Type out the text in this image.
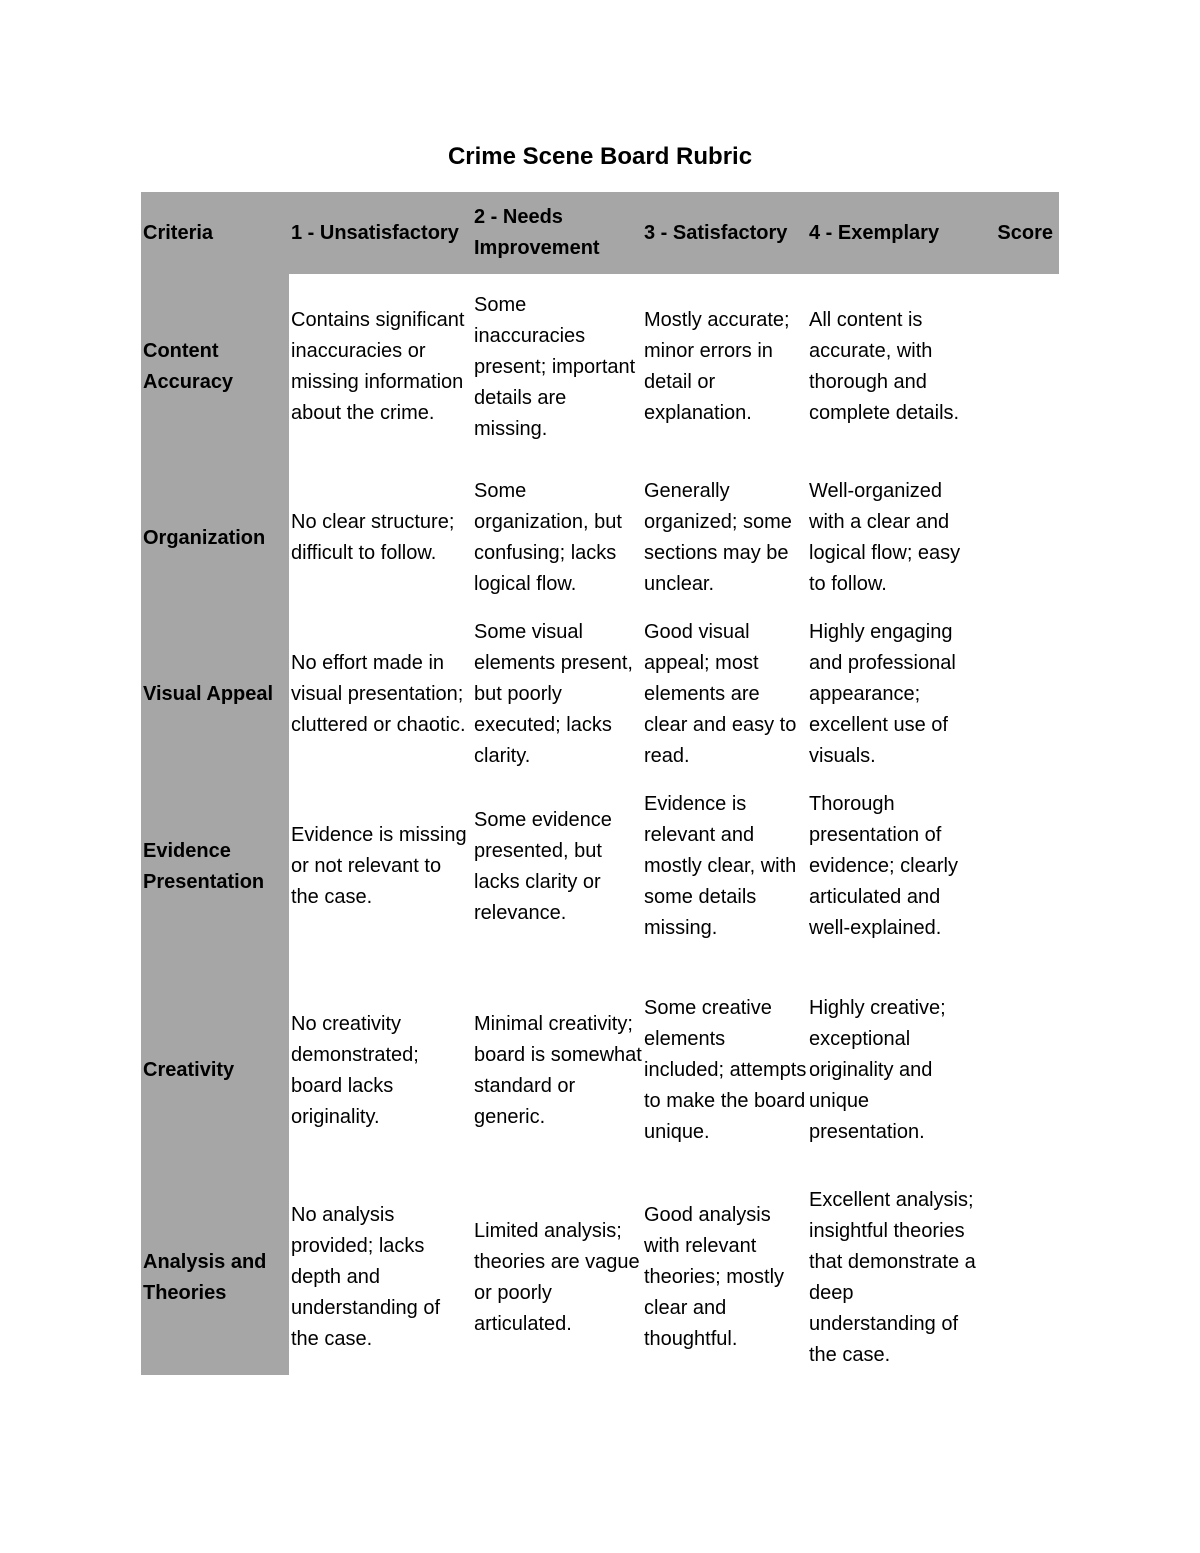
Crime Scene Board Rubric
Criteria	1 - Unsatisfactory	2 - Needs Improvement	3 - Satisfactory	4 - Exemplary	Score
Content Accuracy	Contains significant inaccuracies or missing information about the crime.	Some inaccuracies present; important details are missing.	Mostly accurate; minor errors in detail or explanation.	All content is accurate, with thorough and complete details.	
Organization	No clear structure; difficult to follow.	Some organization, but confusing; lacks logical flow.	Generally organized; some sections may be unclear.	Well-organized with a clear and logical flow; easy to follow.	
Visual Appeal	No effort made in visual presentation; cluttered or chaotic.	Some visual elements present, but poorly executed; lacks clarity.	Good visual appeal; most elements are clear and easy to read.	Highly engaging and professional appearance; excellent use of visuals.	
Evidence Presentation	Evidence is missing or not relevant to the case.	Some evidence presented, but lacks clarity or relevance.	Evidence is relevant and mostly clear, with some details missing.	Thorough presentation of evidence; clearly articulated and well-explained.	
Creativity	No creativity demonstrated; board lacks originality.	Minimal creativity; board is somewhat standard or generic.	Some creative elements included; attempts to make the board unique.	Highly creative; exceptional originality and unique presentation.	
Analysis and Theories	No analysis provided; lacks depth and understanding of the case.	Limited analysis; theories are vague or poorly articulated.	Good analysis with relevant theories; mostly clear and thoughtful.	Excellent analysis; insightful theories that demonstrate a deep understanding of the case.	
